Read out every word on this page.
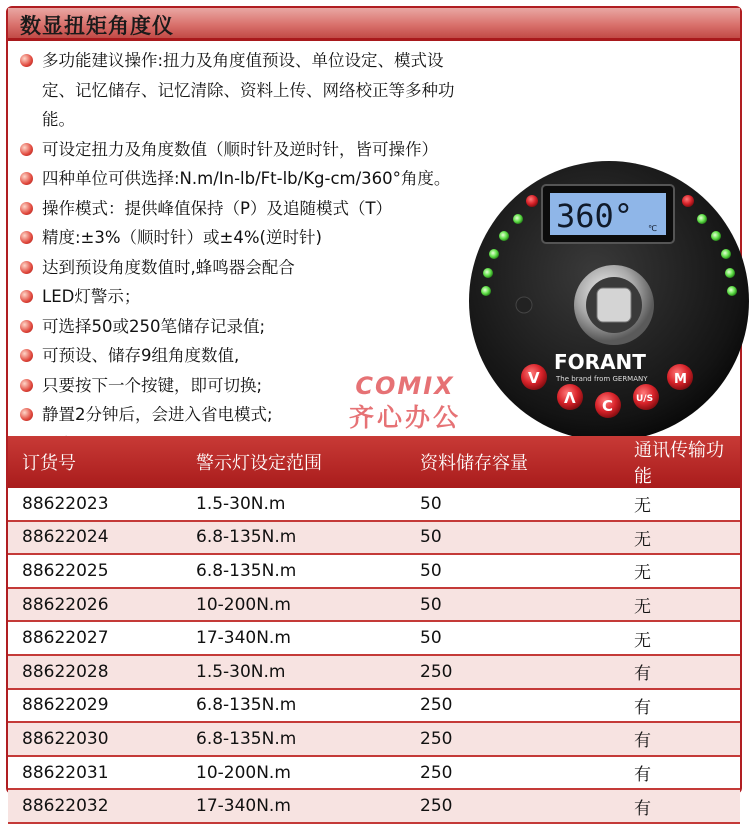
数显扭矩角度仪
多功能建议操作:扭力及角度值预设、单位设定、模式设定、记忆储存、记忆清除、资料上传、网络校正等多种功能。
可设定扭力及角度数值（顺时针及逆时针，皆可操作）
四种单位可供选择:N.m/In-lb/Ft-lb/Kg-cm/360°角度。
操作模式：提供峰值保持（P）及追随模式（T）
精度:±3%（顺时针）或±4%(逆时针)
达到预设角度数值时,蜂鸣器会配合
LED灯警示；
可选择50或250笔储存记录值;
可预设、储存9组角度数值,
只要按下一个按键，即可切换;
静置2分钟后，会进入省电模式;
角度范围1-360°
360° ℃
FORANT
The brand from GERMANY
V
Λ C	U/S
M
COMIX
齐心办公
订货号	警示灯设定范围	资料储存容量	通讯传输功能
88622023	1.5-30N.m	50	无
88622024	6.8-135N.m	50	无
88622025	6.8-135N.m	50	无
88622026	10-200N.m	50	无
88622027	17-340N.m	50	无
88622028	1.5-30N.m	250	有
88622029	6.8-135N.m	250	有
88622030	6.8-135N.m	250	有
88622031	10-200N.m	250	有
88622032	17-340N.m	250	有
